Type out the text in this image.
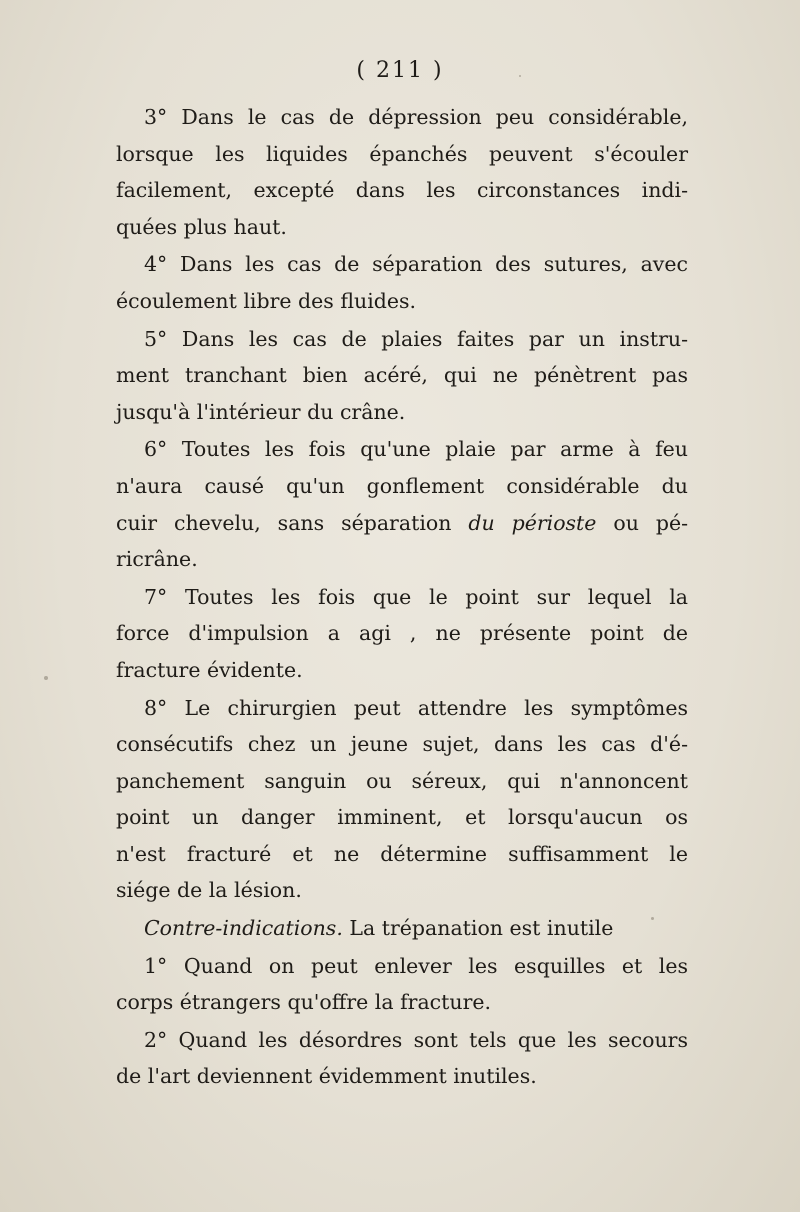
( 211 )
3° Dans le cas de dépression peu considérable,
lorsque les liquides épanchés peuvent s'écouler
facilement, excepté dans les circonstances indi-
quées plus haut.
4° Dans les cas de séparation des sutures, avec
écoulement libre des fluides.
5° Dans les cas de plaies faites par un instru-
ment tranchant bien acéré, qui ne pénètrent pas
jusqu'à l'intérieur du crâne.
6° Toutes les fois qu'une plaie par arme à feu
n'aura causé qu'un gonflement considérable du
cuir chevelu, sans séparation du périoste ou pé-
ricrâne.
7° Toutes les fois que le point sur lequel la
force d'impulsion a agi , ne présente point de
fracture évidente.
8° Le chirurgien peut attendre les symptômes
consécutifs chez un jeune sujet, dans les cas d'é-
panchement sanguin ou séreux, qui n'annoncent
point un danger imminent, et lorsqu'aucun os
n'est fracturé et ne détermine suffisamment le
siége de la lésion.
Contre-indications. La trépanation est inutile
1° Quand on peut enlever les esquilles et les
corps étrangers qu'offre la fracture.
2° Quand les désordres sont tels que les secours
de l'art deviennent évidemment inutiles.
